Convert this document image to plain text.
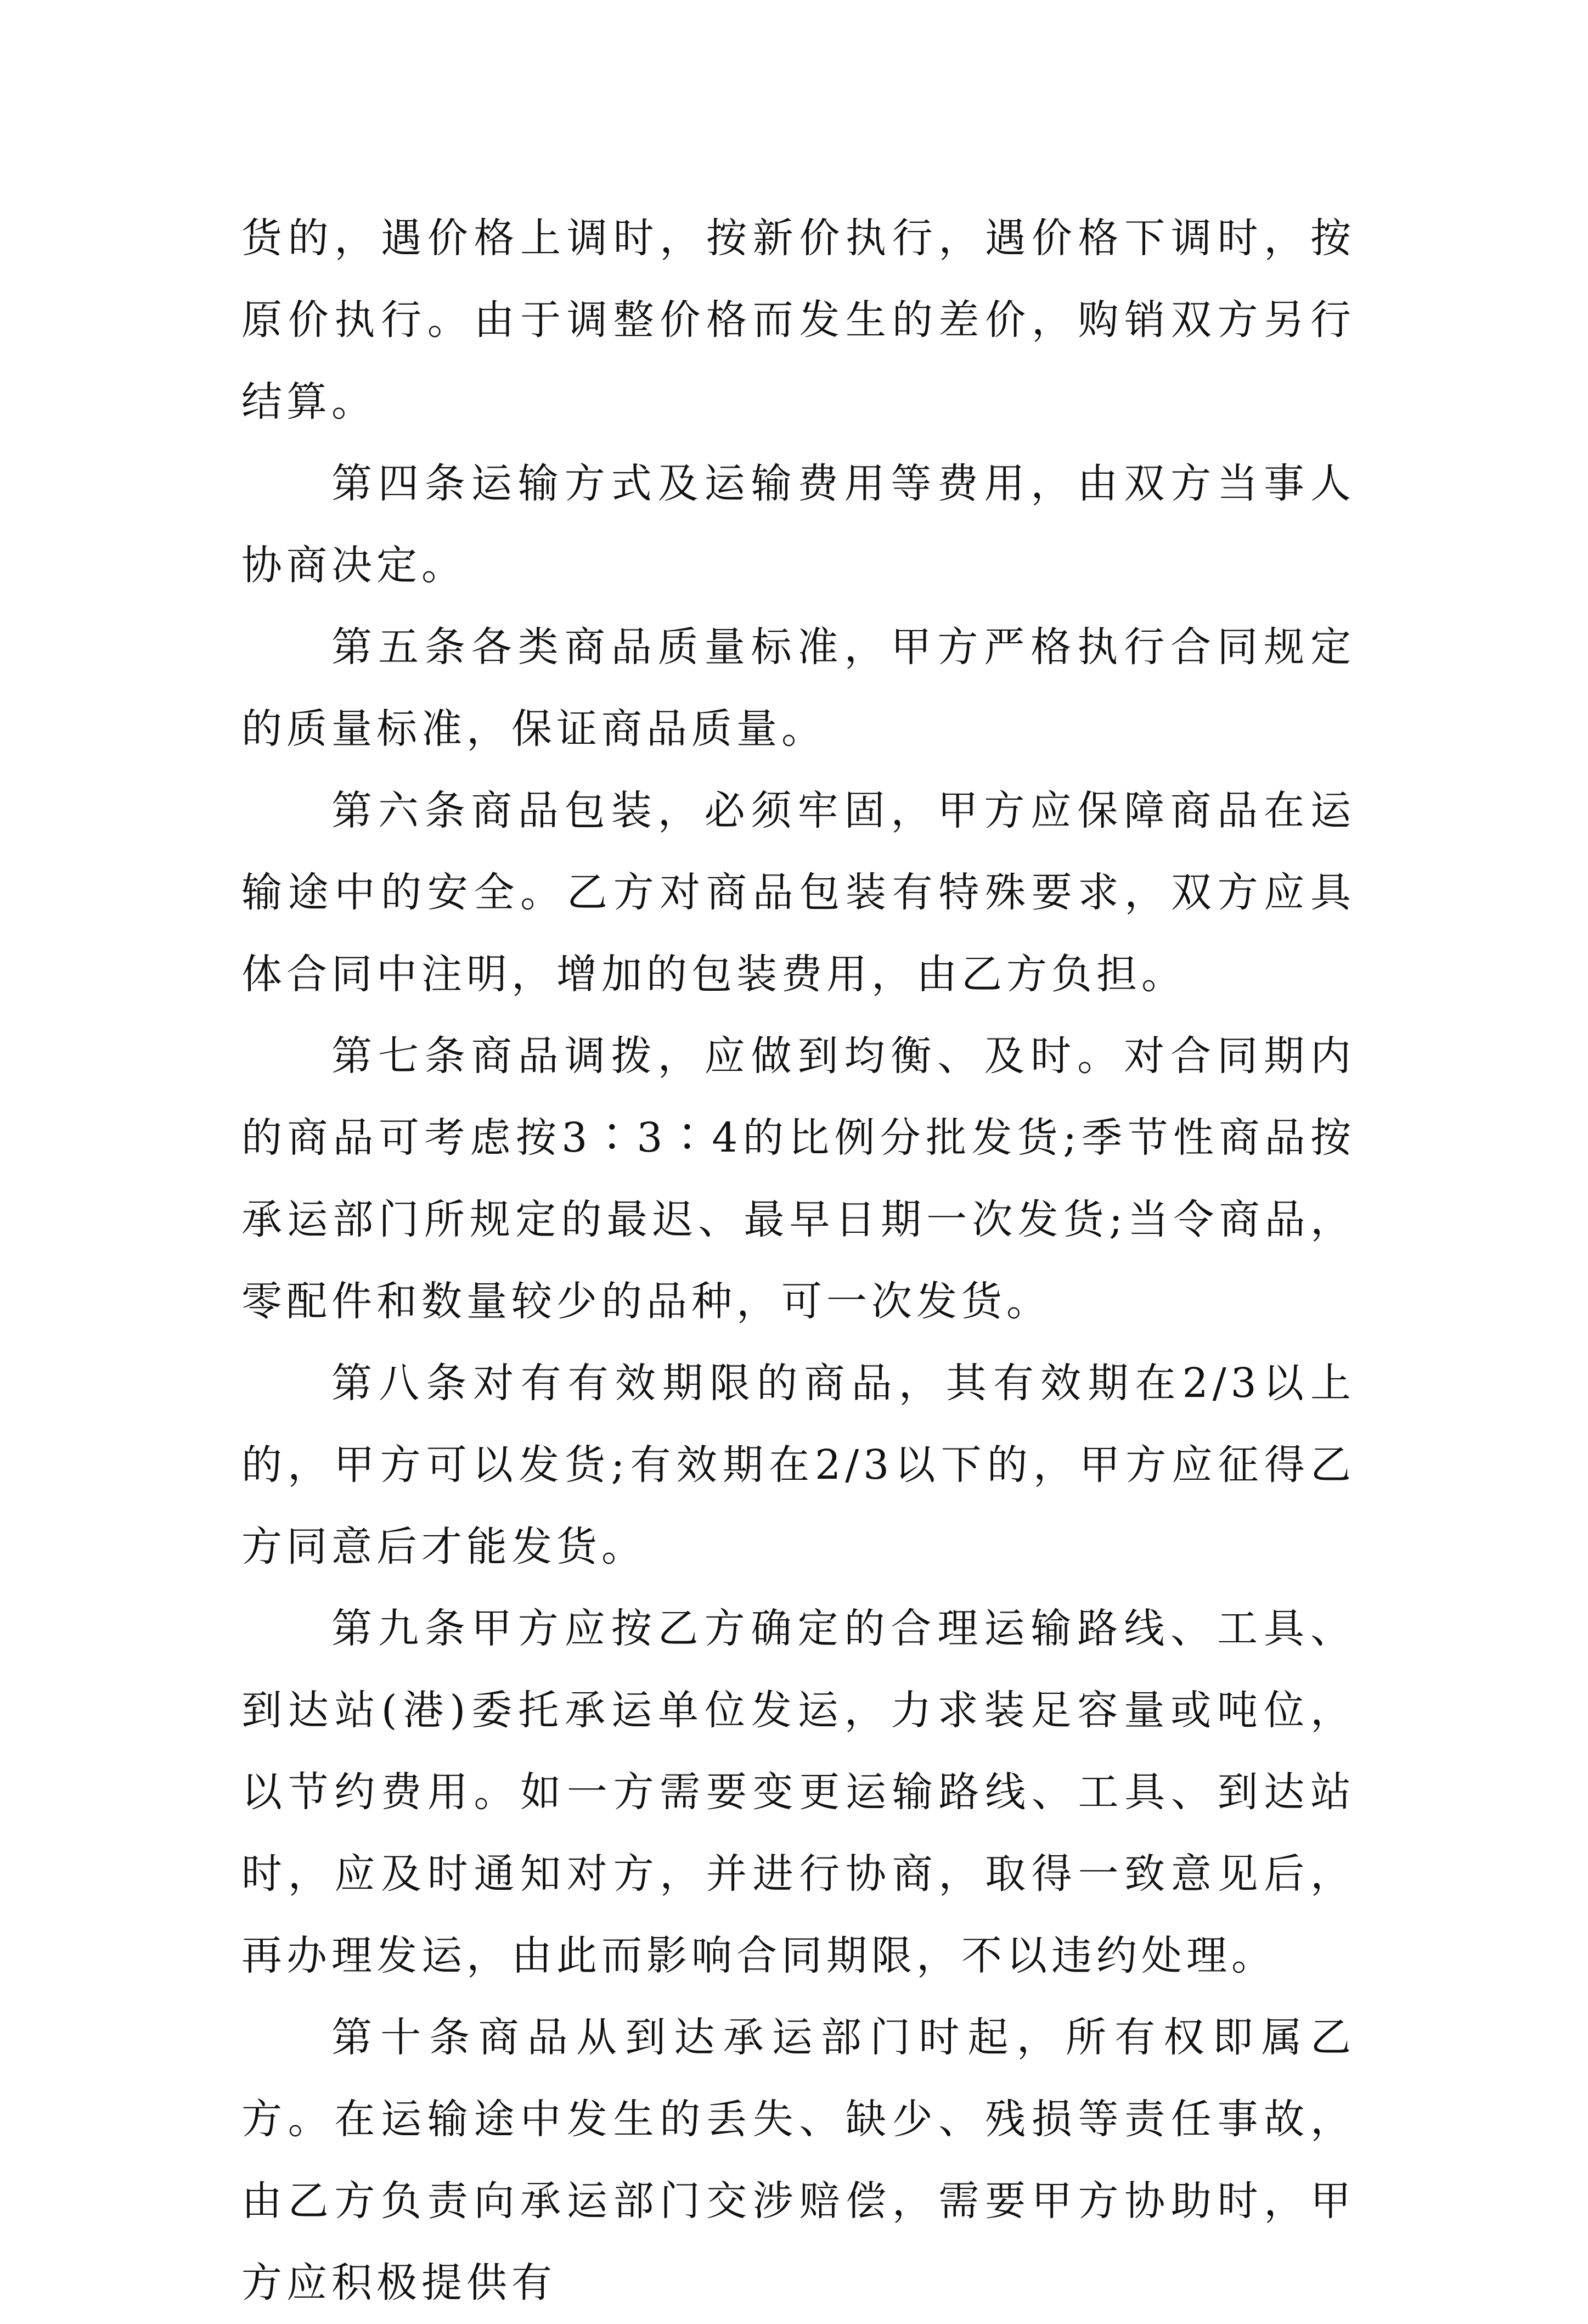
货的，遇价格上调时，按新价执行，遇价格下调时，按原价执行。由于调整价格而发生的差价，购销双方另行结算。

第四条运输方式及运输费用等费用，由双方当事人协商决定。

第五条各类商品质量标准，甲方严格执行合同规定的质量标准，保证商品质量。

第六条商品包装，必须牢固，甲方应保障商品在运输途中的安全。乙方对商品包装有特殊要求，双方应具体合同中注明，增加的包装费用，由乙方负担。

第七条商品调拨，应做到均衡、及时。对合同期内的商品可考虑按3∶3∶4的比例分批发货;季节性商品按承运部门所规定的最迟、最早日期一次发货;当令商品，零配件和数量较少的品种，可一次发货。

第八条对有有效期限的商品，其有效期在2/3以上的，甲方可以发货;有效期在2/3以下的，甲方应征得乙方同意后才能发货。

第九条甲方应按乙方确定的合理运输路线、工具、到达站(港)委托承运单位发运，力求装足容量或吨位，以节约费用。如一方需要变更运输路线、工具、到达站时，应及时通知对方，并进行协商，取得一致意见后，再办理发运，由此而影响合同期限，不以违约处理。

第十条商品从到达承运部门时起，所有权即属乙方。在运输途中发生的丢失、缺少、残损等责任事故，由乙方负责向承运部门交涉赔偿，需要甲方协助时，甲方应积极提供有
